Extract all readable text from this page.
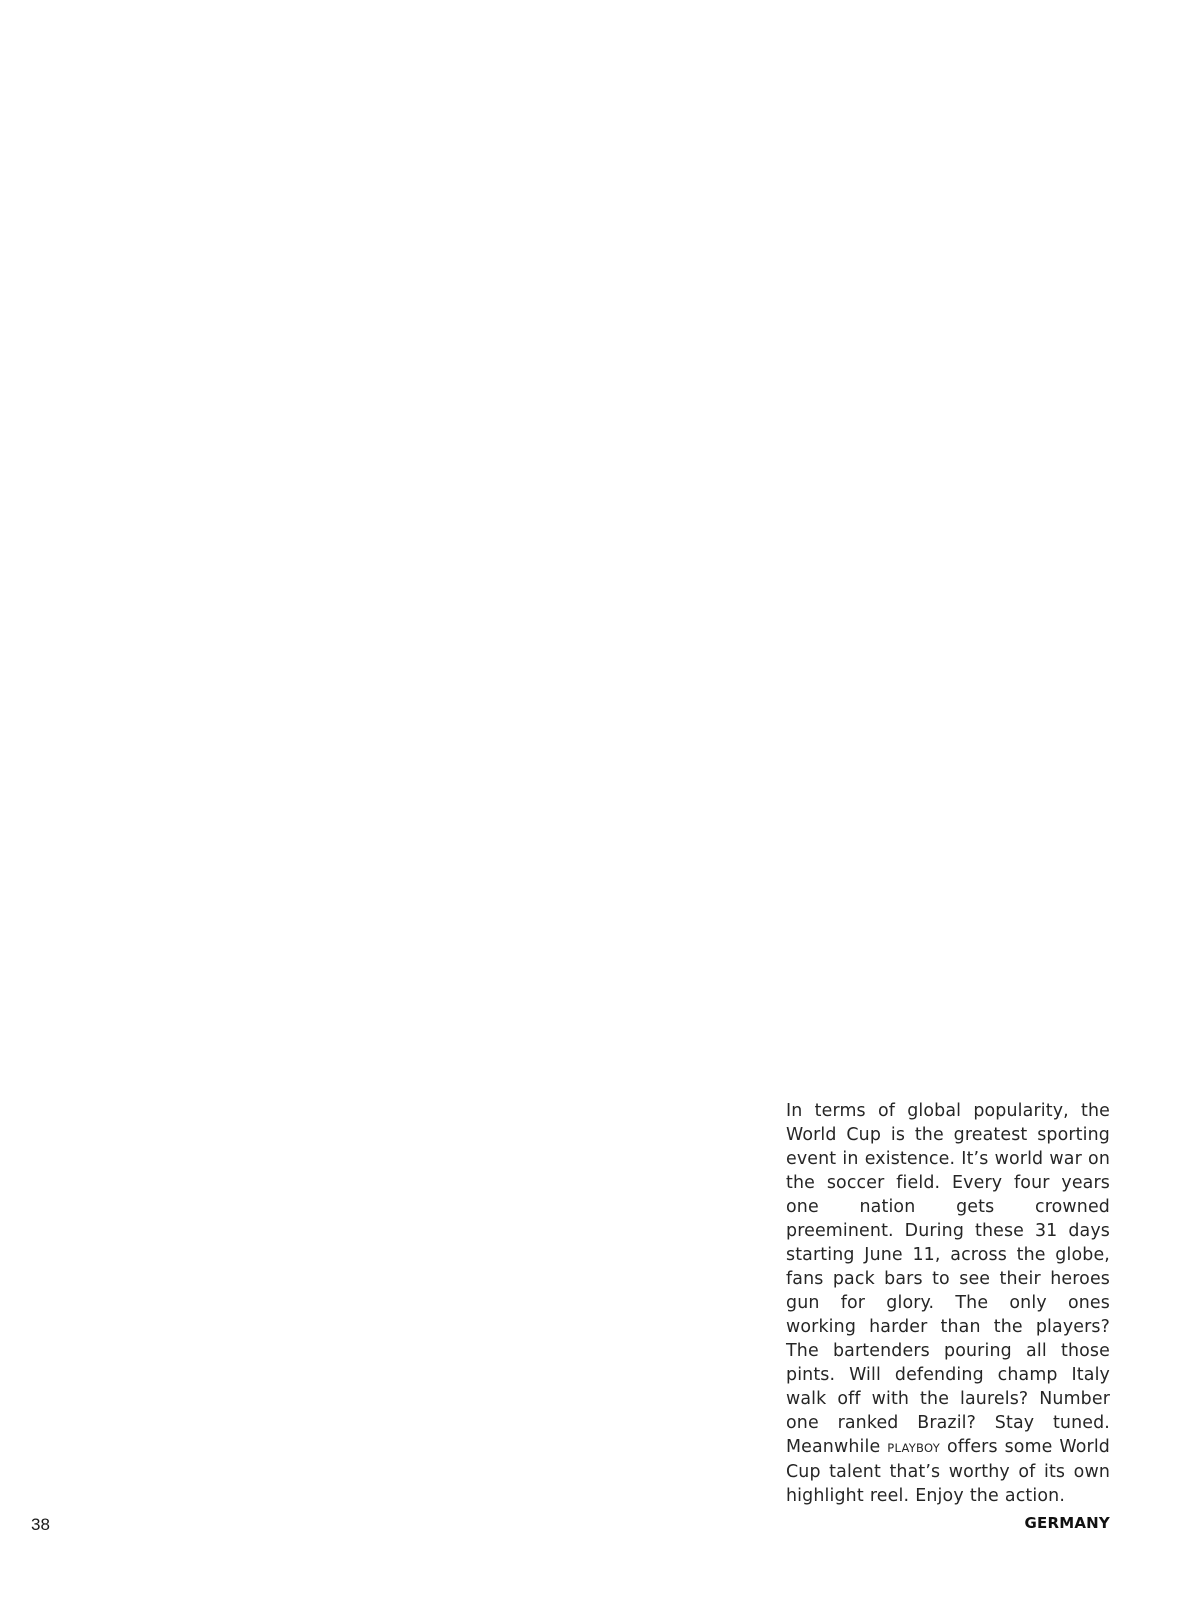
In terms of global popularity, the World Cup is the greatest sporting event in existence. It’s world war on the soccer field. Every four years one nation gets crowned preeminent. During these 31 days starting June 11, across the globe, fans pack bars to see their heroes gun for glory. The only ones working harder than the players? The bartenders pouring all those pints. Will defending champ Italy walk off with the laurels? Number one ranked Brazil? Stay tuned. Meanwhile PLAYBOY offers some World Cup talent that’s worthy of its own highlight reel. Enjoy the action.

38	GERMANY
